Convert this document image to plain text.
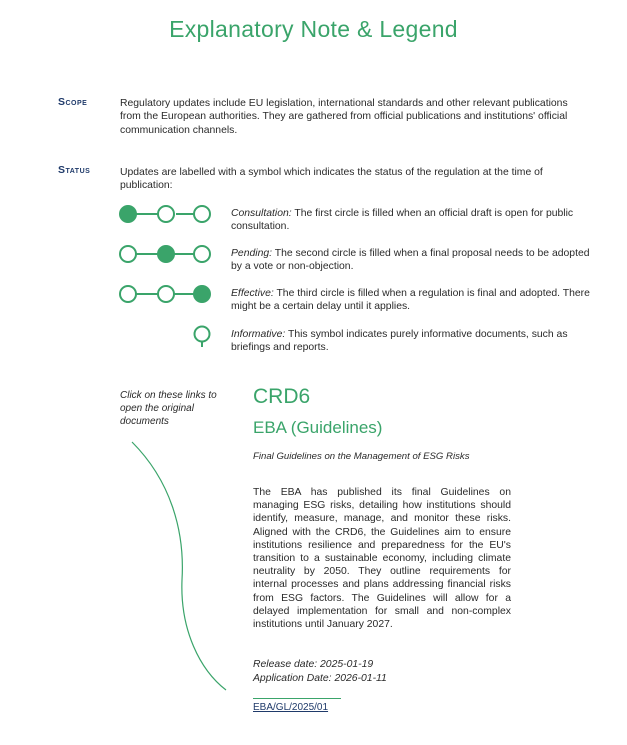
Explanatory Note & Legend
Scope	Regulatory updates include EU legislation, international standards and other relevant publications from the European authorities. They are gathered from official publications and institutions' official communication channels.
Status	Updates are labelled with a symbol which indicates the status of the regulation at the time of publication:
Consultation: The first circle is filled when an official draft is open for public consultation.
Pending: The second circle is filled when a final proposal needs to be adopted by a vote or non-objection.
Effective: The third circle is filled when a regulation is final and adopted. There might be a certain delay until it applies.
Informative: This symbol indicates purely informative documents, such as briefings and reports.
Click on these links to open the original documents
CRD6
EBA (Guidelines)
Final Guidelines on the Management of ESG Risks
The EBA has published its final Guidelines on managing ESG risks, detailing how institutions should identify, measure, manage, and monitor these risks. Aligned with the CRD6, the Guidelines aim to ensure institutions resilience and preparedness for the EU's transition to a sustainable economy, including climate neutrality by 2050. They outline requirements for internal processes and plans addressing financial risks from ESG factors. The Guidelines will allow for a delayed implementation for small and non-complex institutions until January 2027.
Release date: 2025-01-19
Application Date: 2026-01-11
EBA/GL/2025/01
